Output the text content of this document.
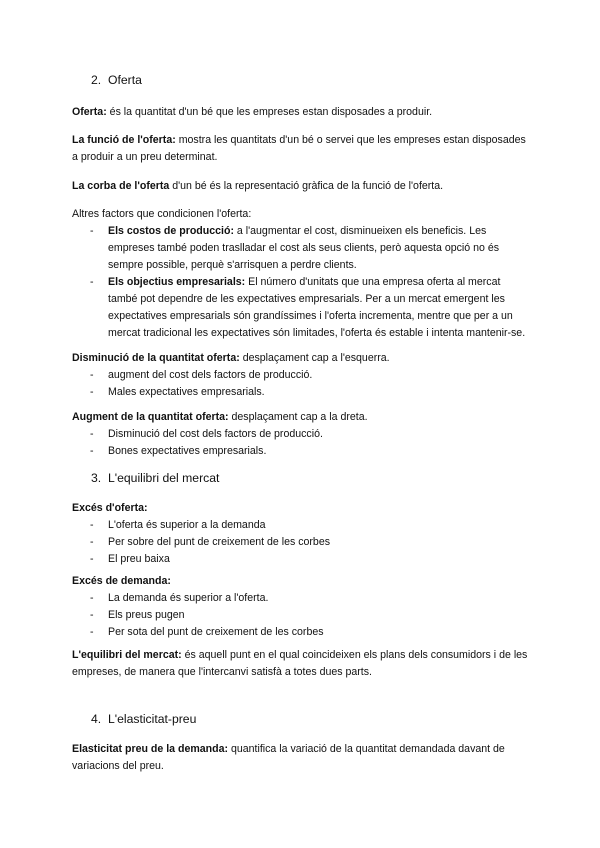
2. Oferta

Oferta: és la quantitat d'un bé que les empreses estan disposades a produir.

La funció de l'oferta: mostra les quantitats d'un bé o servei que les empreses estan disposades a produir a un preu determinat.

La corba de l'oferta d'un bé és la representació gràfica de la funció de l'oferta.

Altres factors que condicionen l'oferta:
- Els costos de producció: a l'augmentar el cost, disminueixen els beneficis. Les empreses també poden traslladar el cost als seus clients, però aquesta opció no és sempre possible, perquè s'arrisquen a perdre clients.
- Els objectius empresarials: El número d'unitats que una empresa oferta al mercat també pot dependre de les expectatives empresarials. Per a un mercat emergent les expectatives empresarials són grandíssimes i l'oferta incrementa, mentre que per a un mercat tradicional les expectatives són limitades, l'oferta és estable i intenta mantenir-se.
Disminució de la quantitat oferta: desplaçament cap a l'esquerra.
- augment del cost dels factors de producció.
- Males expectatives empresarials.
Augment de la quantitat oferta: desplaçament cap a la dreta.
- Disminució del cost dels factors de producció.
- Bones expectatives empresarials.
3. L'equilibri del mercat
Excés d'oferta:
- L'oferta és superior a la demanda
- Per sobre del punt de creixement de les corbes
- El preu baixa
Excés de demanda:
- La demanda és superior a l'oferta.
- Els preus pugen
- Per sota del punt de creixement de les corbes

L'equilibri del mercat: és aquell punt en el qual coincideixen els plans dels consumidors i de les empreses, de manera que l'intercanvi satisfà a totes dues parts.

4. L'elasticitat-preu

Elasticitat preu de la demanda: quantifica la variació de la quantitat demandada davant de variacions del preu.
